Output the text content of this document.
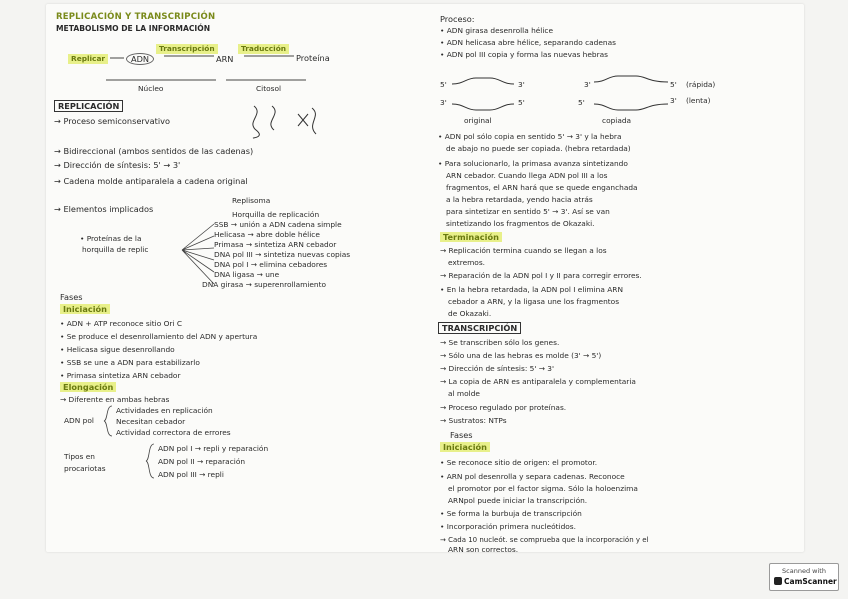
REPLICACIÓN Y TRANSCRIPCIÓN
METABOLISMO DE LA INFORMACIÓN
Replicar	ADN
Transcripción
ARN
Traducción
Proteína
Núcleo	Citosol
REPLICACIÓN
→ Proceso semiconservativo
→ Bidireccional (ambos sentidos de las cadenas)
→ Dirección de síntesis: 5' → 3'
→ Cadena molde antiparalela a cadena original
→ Elementos implicados
Replisoma
Horquilla de replicación
• Proteínas de la
horquilla de replic
SSB → unión a ADN cadena simple
Helicasa → abre doble hélice
Primasa → sintetiza ARN cebador
DNA pol III → sintetiza nuevas copias
DNA pol I → elimina cebadores
DNA ligasa → une
DNA girasa → superenrollamiento
Fases
Iniciación
• ADN + ATP reconoce sitio Ori C
• Se produce el desenrollamiento del ADN y apertura
• Helicasa sigue desenrollando
• SSB se une a ADN para estabilizarlo
• Primasa sintetiza ARN cebador
Elongación
→ Diferente en ambas hebras
ADN pol
Actividades en replicación
Necesitan cebador
Actividad correctora de errores
Tipos en
procariotas
ADN pol I → repli y reparación
ADN pol II → reparación
ADN pol III → repli
Proceso:
• ADN girasa desenrolla hélice
• ADN helicasa abre hélice, separando cadenas
• ADN pol III copia y forma las nuevas hebras
5'
3'
3'
5'
original
3'
5'
5'
3'
(rápida)
(lenta)
copiada
• ADN pol sólo copia en sentido 5' → 3' y la hebra
de abajo no puede ser copiada. (hebra retardada)
• Para solucionarlo, la primasa avanza sintetizando
ARN cebador. Cuando llega ADN pol III a los
fragmentos, el ARN hará que se quede enganchada
a la hebra retardada, yendo hacia atrás
para sintetizar en sentido 5' → 3'. Así se van
sintetizando los fragmentos de Okazaki.
Terminación
→ Replicación termina cuando se llegan a los
extremos.
→ Reparación de la ADN pol I y II para corregir errores.
• En la hebra retardada, la ADN pol I elimina ARN
cebador a ARN, y la ligasa une los fragmentos
de Okazaki.
TRANSCRIPCIÓN
→ Se transcriben sólo los genes.
→ Sólo una de las hebras es molde (3' → 5')
→ Dirección de síntesis: 5' → 3'
→ La copia de ARN es antiparalela y complementaria
al molde
→ Proceso regulado por proteínas.
→ Sustratos: NTPs
Fases
Iniciación
• Se reconoce sitio de origen: el promotor.
• ARN pol desenrolla y separa cadenas. Reconoce
el promotor por el factor sigma. Sólo la holoenzima
ARNpol puede iniciar la transcripción.
• Se forma la burbuja de transcripción
• Incorporación primera nucleótidos.
→ Cada 10 nucleót. se comprueba que la incorporación y el
ARN son correctos.
Scanned with
CamScanner
